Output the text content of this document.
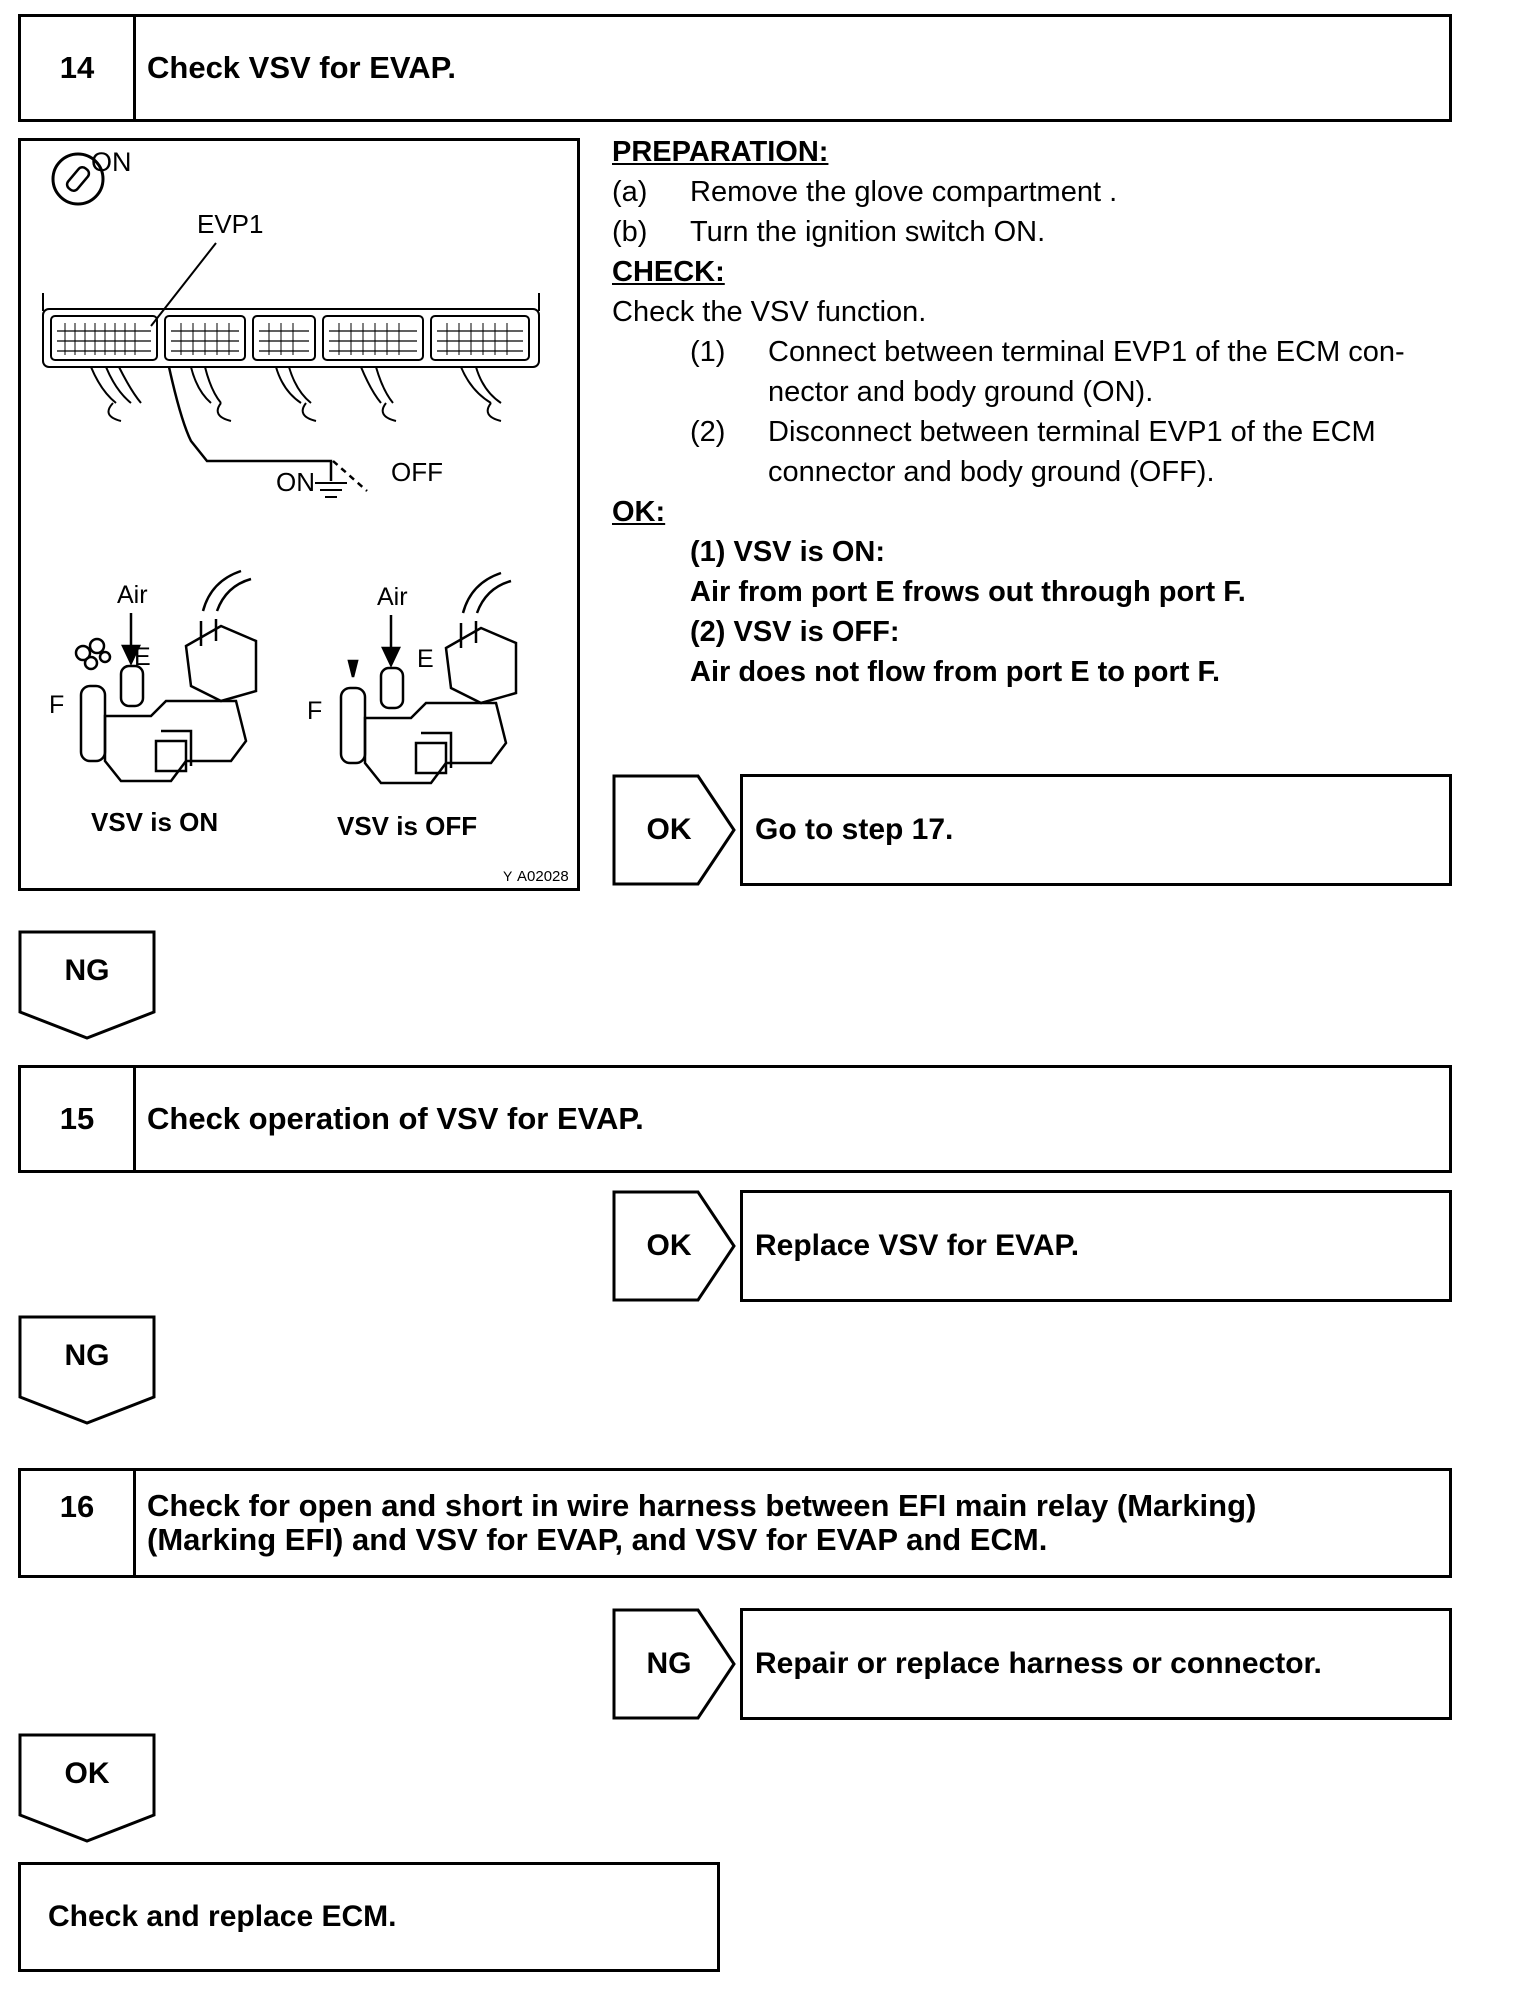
14	Check VSV for EVAP.
ON
EVP1
ON	OFF
Air
E
F
VSV is ON
Air
E
F
VSV is OFF
Y A02028
PREPARATION:
(a) Remove the glove compartment .
(b) Turn the ignition switch ON.
CHECK:
Check the VSV function.
(1) Connect between terminal EVP1 of the ECM con-
nector and body ground (ON).
(2) Disconnect between terminal EVP1 of the ECM
connector and body ground (OFF).
OK:
(1) VSV is ON:
Air from port E frows out through port F.
(2) VSV is OFF:
Air does not flow from port E to port F.
OK	Go to step 17.
NG
15	Check operation of VSV for EVAP.
OK	Replace VSV for EVAP.
NG
16	Check for open and short in wire harness between EFI main relay (Marking)
(Marking EFI) and VSV for EVAP, and VSV for EVAP and ECM.
NG	Repair or replace harness or connector.
OK
Check and replace ECM.
